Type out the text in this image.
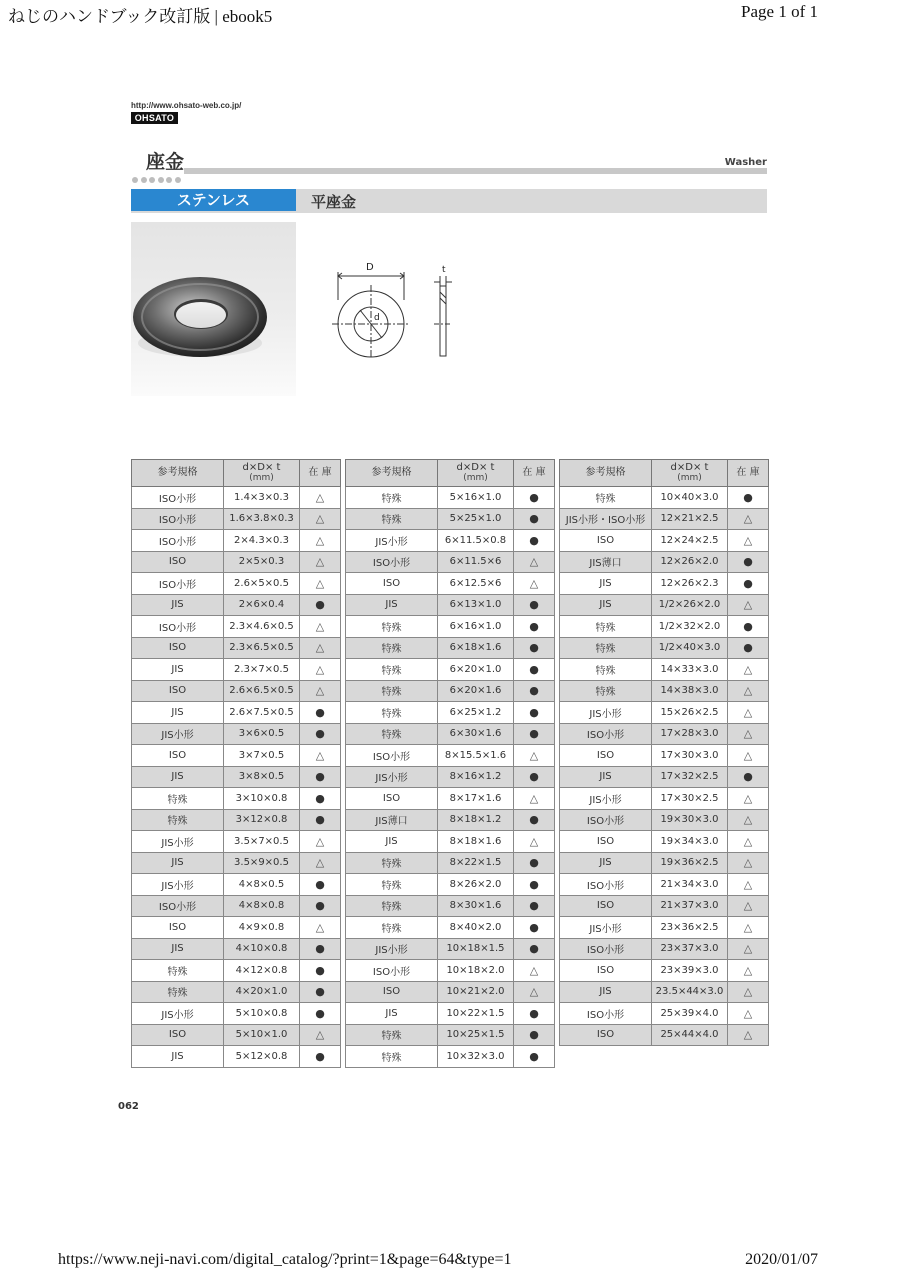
ねじのハンドブック改訂版 | ebook5	Page 1 of 1
http://www.ohsato-web.co.jp/
OHSATO
座金	Washer
ステンレス	平座金
D
d
t
参考規格	d×D× t
(mm)	在 庫
ISO小形	1.4×3×0.3	△
ISO小形	1.6×3.8×0.3	△
ISO小形	2×4.3×0.3	△
ISO	2×5×0.3	△
ISO小形	2.6×5×0.5	△
JIS	2×6×0.4	●
ISO小形	2.3×4.6×0.5	△
ISO	2.3×6.5×0.5	△
JIS	2.3×7×0.5	△
ISO	2.6×6.5×0.5	△
JIS	2.6×7.5×0.5	●
JIS小形	3×6×0.5	●
ISO	3×7×0.5	△
JIS	3×8×0.5	●
特殊	3×10×0.8	●
特殊	3×12×0.8	●
JIS小形	3.5×7×0.5	△
JIS	3.5×9×0.5	△
JIS小形	4×8×0.5	●
ISO小形	4×8×0.8	●
ISO	4×9×0.8	△
JIS	4×10×0.8	●
特殊	4×12×0.8	●
特殊	4×20×1.0	●
JIS小形	5×10×0.8	●
ISO	5×10×1.0	△
JIS	5×12×0.8	●
参考規格	d×D× t
(mm)	在 庫
特殊	5×16×1.0	●
特殊	5×25×1.0	●
JIS小形	6×11.5×0.8	●
ISO小形	6×11.5×6	△
ISO	6×12.5×6	△
JIS	6×13×1.0	●
特殊	6×16×1.0	●
特殊	6×18×1.6	●
特殊	6×20×1.0	●
特殊	6×20×1.6	●
特殊	6×25×1.2	●
特殊	6×30×1.6	●
ISO小形	8×15.5×1.6	△
JIS小形	8×16×1.2	●
ISO	8×17×1.6	△
JIS薄口	8×18×1.2	●
JIS	8×18×1.6	△
特殊	8×22×1.5	●
特殊	8×26×2.0	●
特殊	8×30×1.6	●
特殊	8×40×2.0	●
JIS小形	10×18×1.5	●
ISO小形	10×18×2.0	△
ISO	10×21×2.0	△
JIS	10×22×1.5	●
特殊	10×25×1.5	●
特殊	10×32×3.0	●
参考規格	d×D× t
(mm)	在 庫
特殊	10×40×3.0	●
JIS小形・ISO小形	12×21×2.5	△
ISO	12×24×2.5	△
JIS薄口	12×26×2.0	●
JIS	12×26×2.3	●
JIS	1/2×26×2.0	△
特殊	1/2×32×2.0	●
特殊	1/2×40×3.0	●
特殊	14×33×3.0	△
特殊	14×38×3.0	△
JIS小形	15×26×2.5	△
ISO小形	17×28×3.0	△
ISO	17×30×3.0	△
JIS	17×32×2.5	●
JIS小形	17×30×2.5	△
ISO小形	19×30×3.0	△
ISO	19×34×3.0	△
JIS	19×36×2.5	△
ISO小形	21×34×3.0	△
ISO	21×37×3.0	△
JIS小形	23×36×2.5	△
ISO小形	23×37×3.0	△
ISO	23×39×3.0	△
JIS	23.5×44×3.0	△
ISO小形	25×39×4.0	△
ISO	25×44×4.0	△
062
https://www.neji-navi.com/digital_catalog/?print=1&page=64&type=1	2020/01/07
